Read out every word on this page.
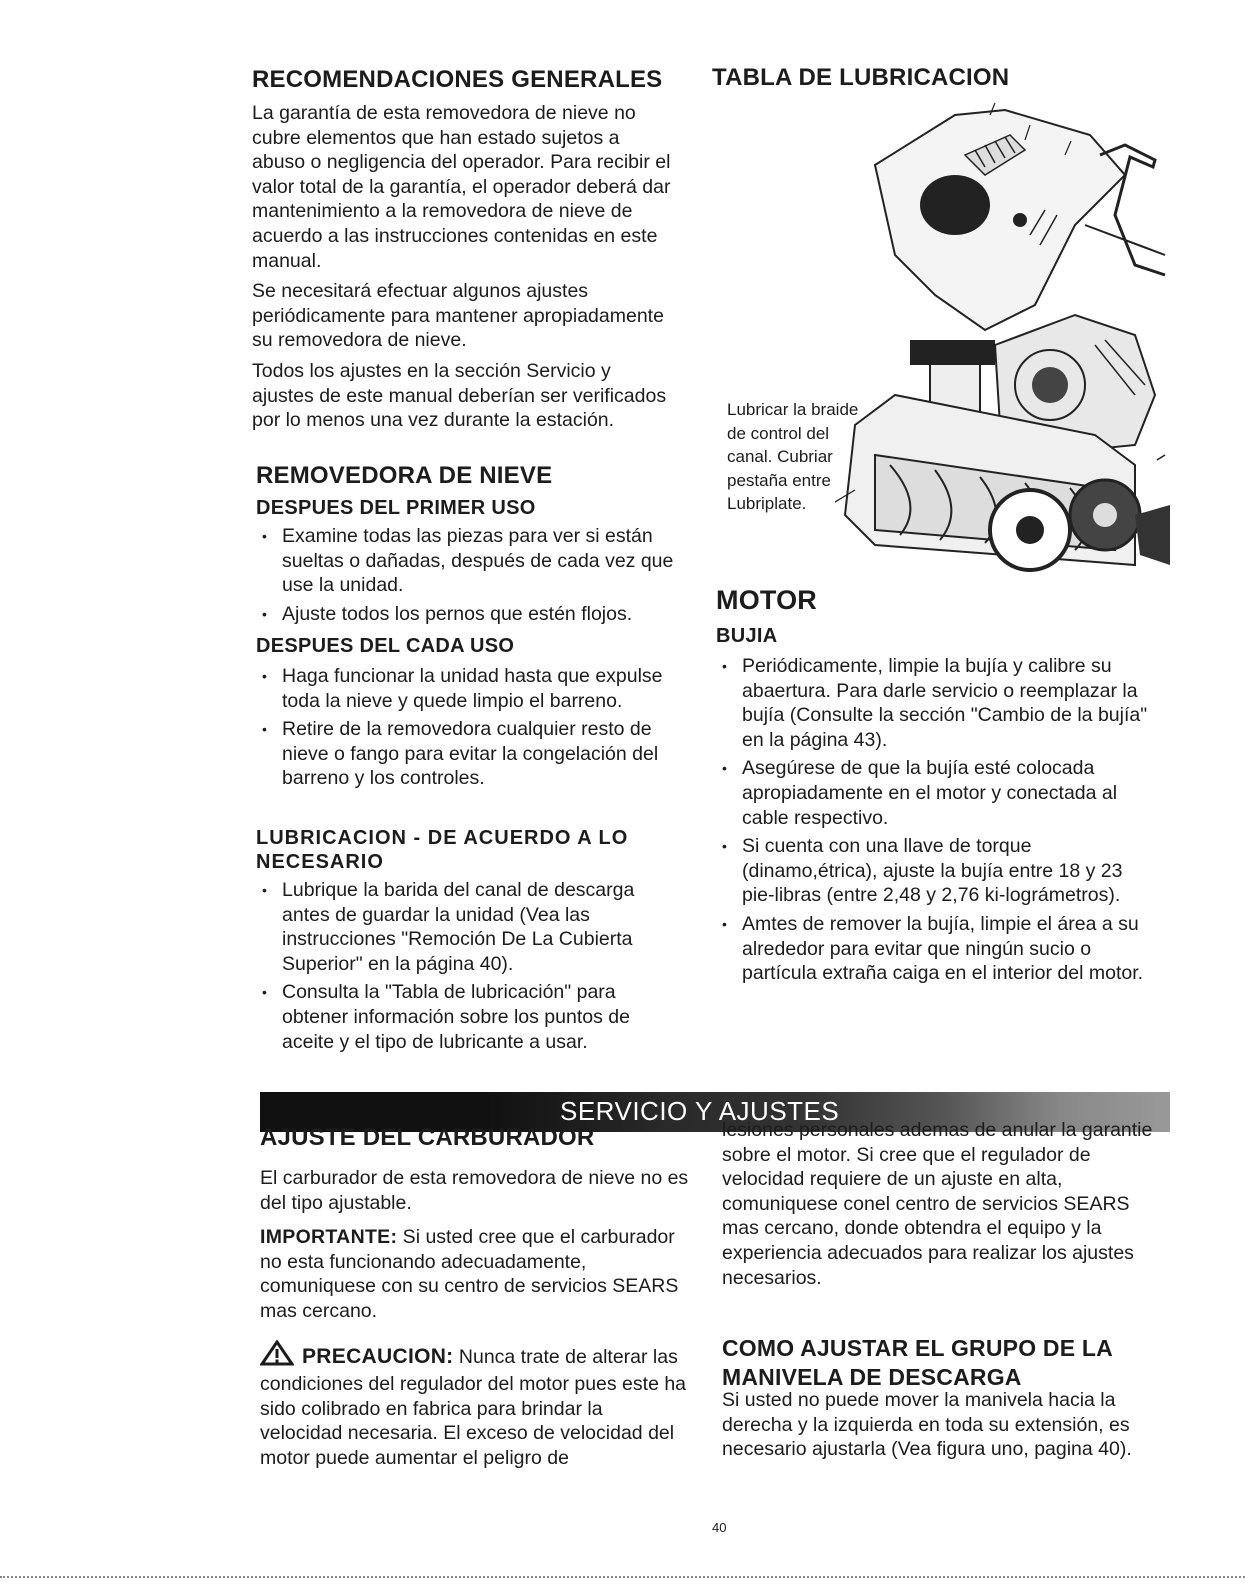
RECOMENDACIONES GENERALES

La garantía de esta removedora de nieve no cubre elementos que han estado sujetos a abuso o negligencia del operador. Para recibir el valor total de la garantía, el operador deberá dar mantenimiento a la removedora de nieve de acuerdo a las instrucciones contenidas en este manual.

Se necesitará efectuar algunos ajustes periódicamente para mantener apropiadamente su removedora de nieve.

Todos los ajustes en la sección Servicio y ajustes de este manual deberían ser verificados por lo menos una vez durante la estación.

REMOVEDORA DE NIEVE
DESPUES DEL PRIMER USO
• Examine todas las piezas para ver si están sueltas o dañadas, después de cada vez que use la unidad.
• Ajuste todos los pernos que estén flojos.
DESPUES DEL CADA USO
• Haga funcionar la unidad hasta que expulse toda la nieve y quede limpio el barreno.
• Retire de la removedora cualquier resto de nieve o fango para evitar la congelación del barreno y los controles.
LUBRICACION - DE ACUERDO A LO NECESARIO
• Lubrique la barida del canal de descarga antes de guardar la unidad (Vea las instrucciones "Remoción De La Cubierta Superior" en la página 40).
• Consulta la "Tabla de lubricación" para obtener información sobre los puntos de aceite y el tipo de lubricante a usar.
TABLA DE LUBRICACION
Lubricar la braide de control del canal. Cubriar pestaña entre Lubriplate.
MOTOR
BUJIA
• Periódicamente, limpie la bujía y calibre su abaertura. Para darle servicio o reemplazar la bujía (Consulte la sección "Cambio de la bujía" en la página 43).
• Asegúrese de que la bujía esté colocada apropiadamente en el motor y conectada al cable respectivo.
• Si cuenta con una llave de torque (dinamo,étrica), ajuste la bujía entre 18 y 23 pie-libras (entre 2,48 y 2,76 ki-lográmetros).
• Amtes de remover la bujía, limpie el área a su alrededor para evitar que ningún sucio o partícula extraña caiga en el interior del motor.
SERVICIO Y AJUSTES
AJUSTE DEL CARBURADOR

El carburador de esta removedora de nieve no es del tipo ajustable.

IMPORTANTE: Si usted cree que el carburador no esta funcionando adecuadamente, comuniquese con su centro de servicios SEARS mas cercano.

PRECAUCION: Nunca trate de alterar las condiciones del regulador del motor pues este ha sido colibrado en fabrica para brindar la velocidad necesaria. El exceso de velocidad del motor puede aumentar el peligro de

lesiones personales ademas de anular la garantie sobre el motor. Si cree que el regulador de velocidad requiere de un ajuste en alta, comuniquese conel centro de servicios SEARS mas cercano, donde obtendra el equipo y la experiencia adecuados para realizar los ajustes necesarios.
COMO AJUSTAR EL GRUPO DE LA MANIVELA DE DESCARGA
Si usted no puede mover la manivela hacia la derecha y la izquierda en toda su extensión, es necesario ajustarla (Vea figura uno, pagina 40).
40
